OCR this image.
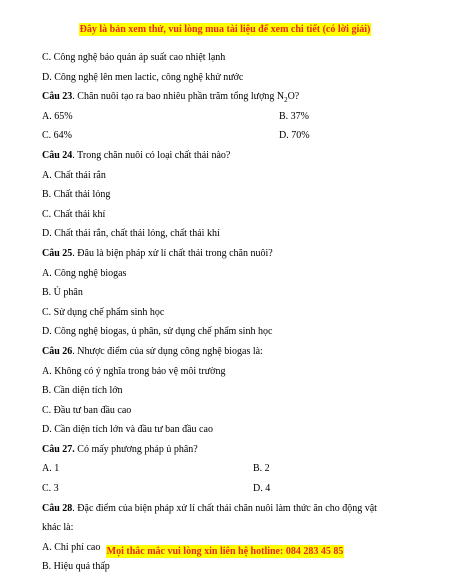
Đây là bản xem thử, vui lòng mua tài liệu để xem chi tiết (có lời giải)
C. Công nghệ bảo quản áp suất cao nhiệt lạnh
D. Công nghệ lên men lactic, công nghệ khử nước
Câu 23. Chăn nuôi tạo ra bao nhiêu phần trăm tổng lượng $N_2O$?
A. 65%	B. 37%
C. 64%	D. 70%
Câu 24. Trong chăn nuôi có loại chất thải nào?
A. Chất thải rắn
B. Chất thải lỏng
C. Chất thải khí
D. Chất thải rắn, chất thải lỏng, chất thải khí
Câu 25. Đâu là biện pháp xử lí chất thải trong chăn nuôi?
A. Công nghệ biogas
B. Ủ phân
C. Sử dụng chế phẩm sinh học
D. Công nghệ biogas, ủ phân, sử dụng chế phẩm sinh học
Câu 26. Nhược điểm của sử dụng công nghệ biogas là:
A. Không có ý nghĩa trong bảo vệ môi trường
B. Cần diện tích lớn
C. Đầu tư ban đầu cao
D. Cần diện tích lớn và đầu tư ban đầu cao
Câu 27. Có mấy phương pháp ủ phân?
A. 1	B. 2
C. 3	D. 4
Câu 28. Đặc điểm của biện pháp xử lí chất thải chăn nuôi làm thức ăn cho động vật
khác là:
A. Chi phí cao
B. Hiệu quả thấp
Mọi thắc mắc vui lòng xin liên hệ hotline: 084 283 45 85
